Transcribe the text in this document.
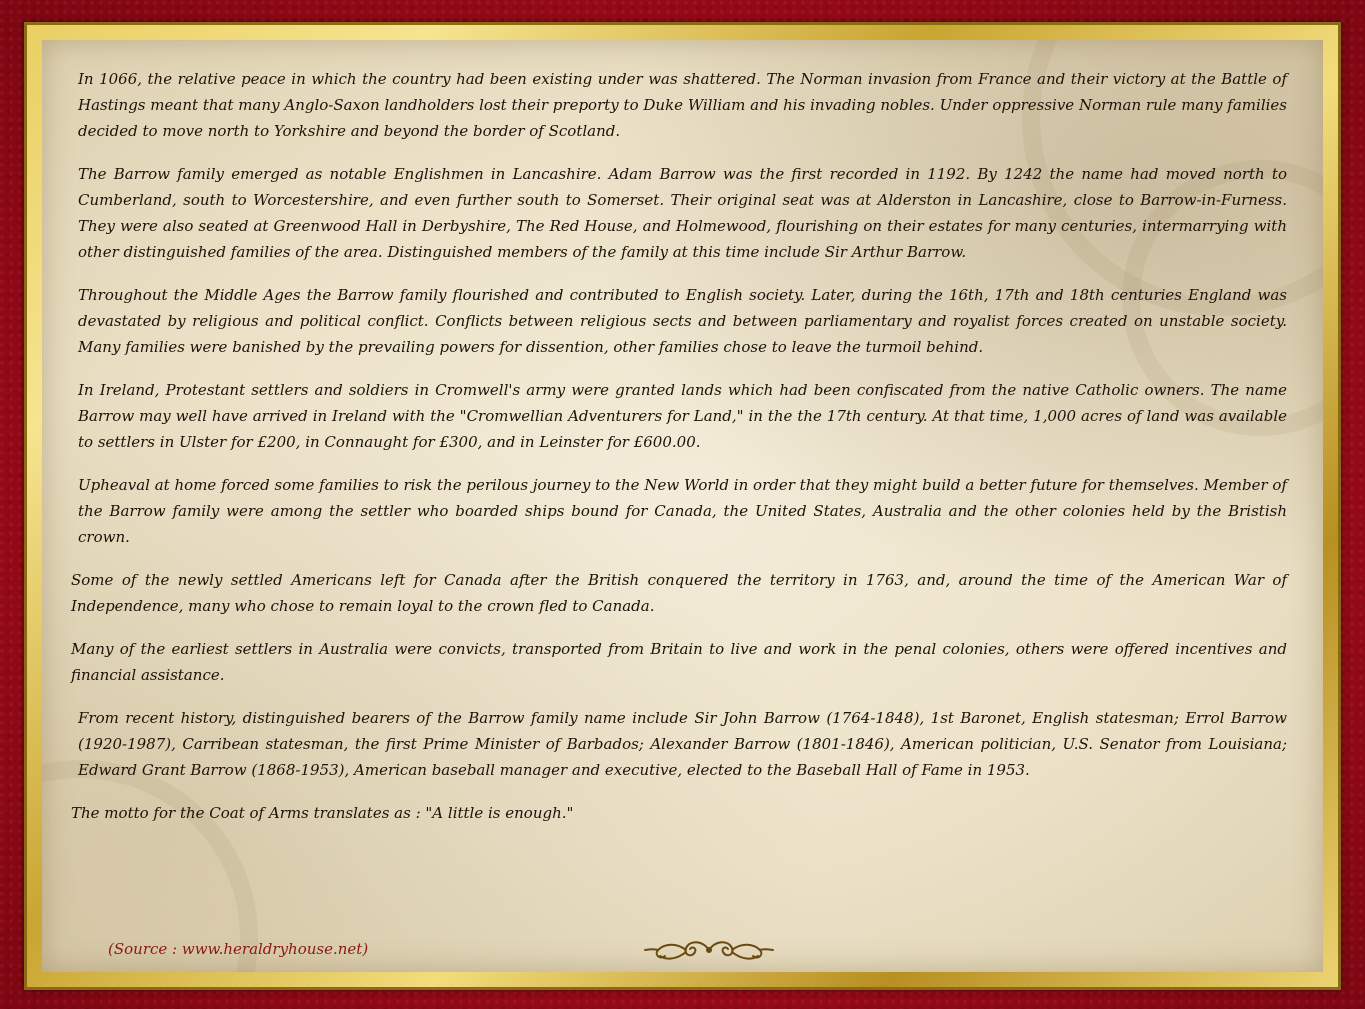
In 1066, the relative peace in which the country had been existing under was shattered. The Norman invasion from France and their victory at the Battle of Hastings meant that many Anglo-Saxon landholders lost their preporty to Duke William and his invading nobles. Under oppressive Norman rule many families decided to move north to Yorkshire and beyond the border of Scotland.

The Barrow family emerged as notable Englishmen in Lancashire. Adam Barrow was the first recorded in 1192. By 1242 the name had moved north to Cumberland, south to Worcestershire, and even further south to Somerset. Their original seat was at Alderston in Lancashire, close to Barrow-in-Furness. They were also seated at Greenwood Hall in Derbyshire, The Red House, and Holmewood, flourishing on their estates for many centuries, intermarrying with other distinguished families of the area. Distinguished members of the family at this time include Sir Arthur Barrow.

Throughout the Middle Ages the Barrow family flourished and contributed to English society. Later, during the 16th, 17th and 18th centuries England was devastated by religious and political conflict. Conflicts between religious sects and between parliamentary and royalist forces created on unstable society. Many families were banished by the prevailing powers for dissention, other families chose to leave the turmoil behind.

In Ireland, Protestant settlers and soldiers in Cromwell's army were granted lands which had been confiscated from the native Catholic owners. The name Barrow may well have arrived in Ireland with the "Cromwellian Adventurers for Land," in the the 17th century. At that time, 1,000 acres of land was available to settlers in Ulster for £200, in Connaught for £300, and in Leinster for £600.00.

Upheaval at home forced some families to risk the perilous journey to the New World in order that they might build a better future for themselves. Member of the Barrow family were among the settler who boarded ships bound for Canada, the United States, Australia and the other colonies held by the Bristish crown.

Some of the newly settled Americans left for Canada after the British conquered the territory in 1763, and, around the time of the American War of Independence, many who chose to remain loyal to the crown fled to Canada.

Many of the earliest settlers in Australia were convicts, transported from Britain to live and work in the penal colonies, others were offered incentives and financial assistance.

From recent history, distinguished bearers of the Barrow family name include Sir John Barrow (1764-1848), 1st Baronet, English statesman; Errol Barrow (1920-1987), Carribean statesman, the first Prime Minister of Barbados; Alexander Barrow (1801-1846), American politician, U.S. Senator from Louisiana; Edward Grant Barrow (1868-1953), American baseball manager and executive, elected to the Baseball Hall of Fame in 1953.

The motto for the Coat of Arms translates as : "A little is enough."

(Source : www.heraldryhouse.net)
